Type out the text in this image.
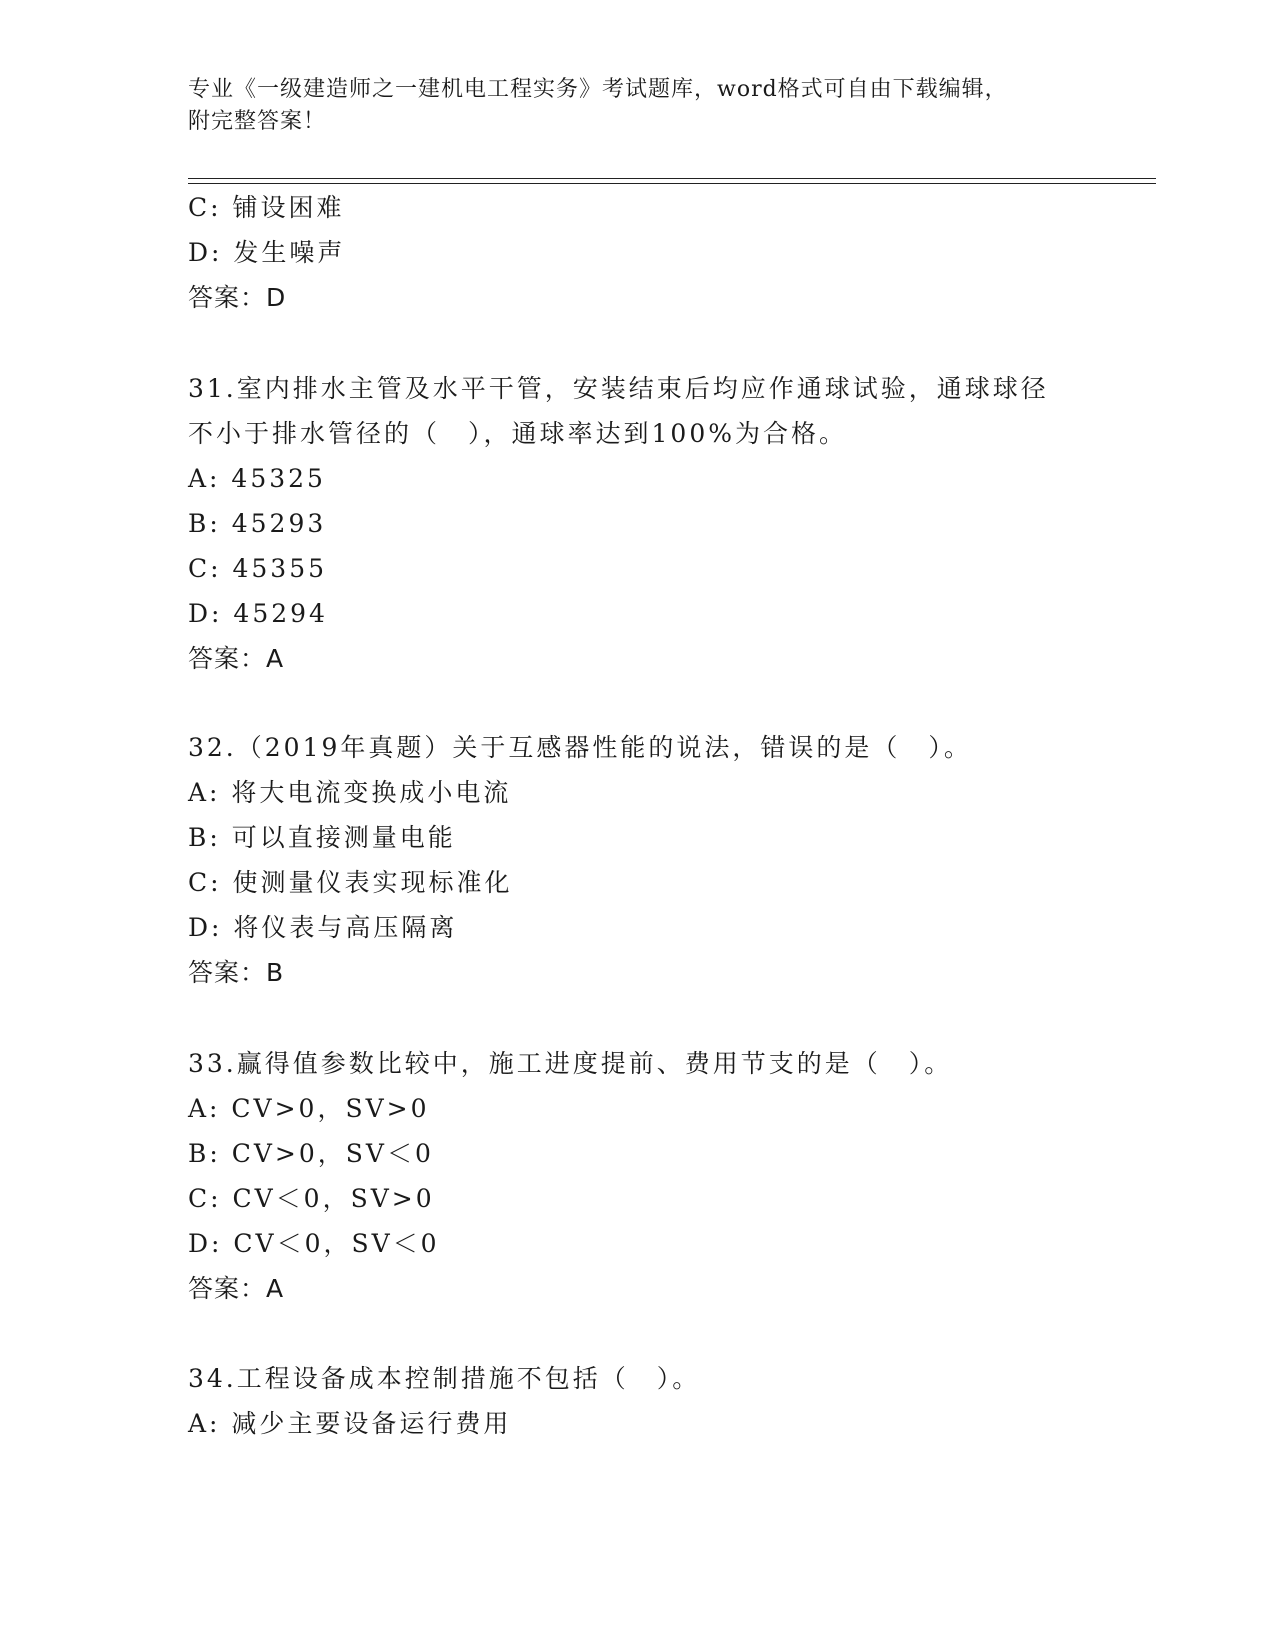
专业《一级建造师之一建机电工程实务》考试题库，word格式可自由下载编辑，
附完整答案！
C: 铺设困难
D: 发生噪声
答案：D
31.室内排水主管及水平干管，安装结束后均应作通球试验，通球球径
不小于排水管径的（　），通球率达到100%为合格。
A: 45325
B: 45293
C: 45355
D: 45294
答案：A
32.（2019年真题）关于互感器性能的说法，错误的是（　）。
A: 将大电流变换成小电流
B: 可以直接测量电能
C: 使测量仪表实现标准化
D: 将仪表与高压隔离
答案：B
33.赢得值参数比较中，施工进度提前、费用节支的是（　）。
A: CV>0，SV>0
B: CV>0，SV＜0
C: CV＜0，SV>0
D: CV＜0，SV＜0
答案：A
34.工程设备成本控制措施不包括（　）。
A: 减少主要设备运行费用
